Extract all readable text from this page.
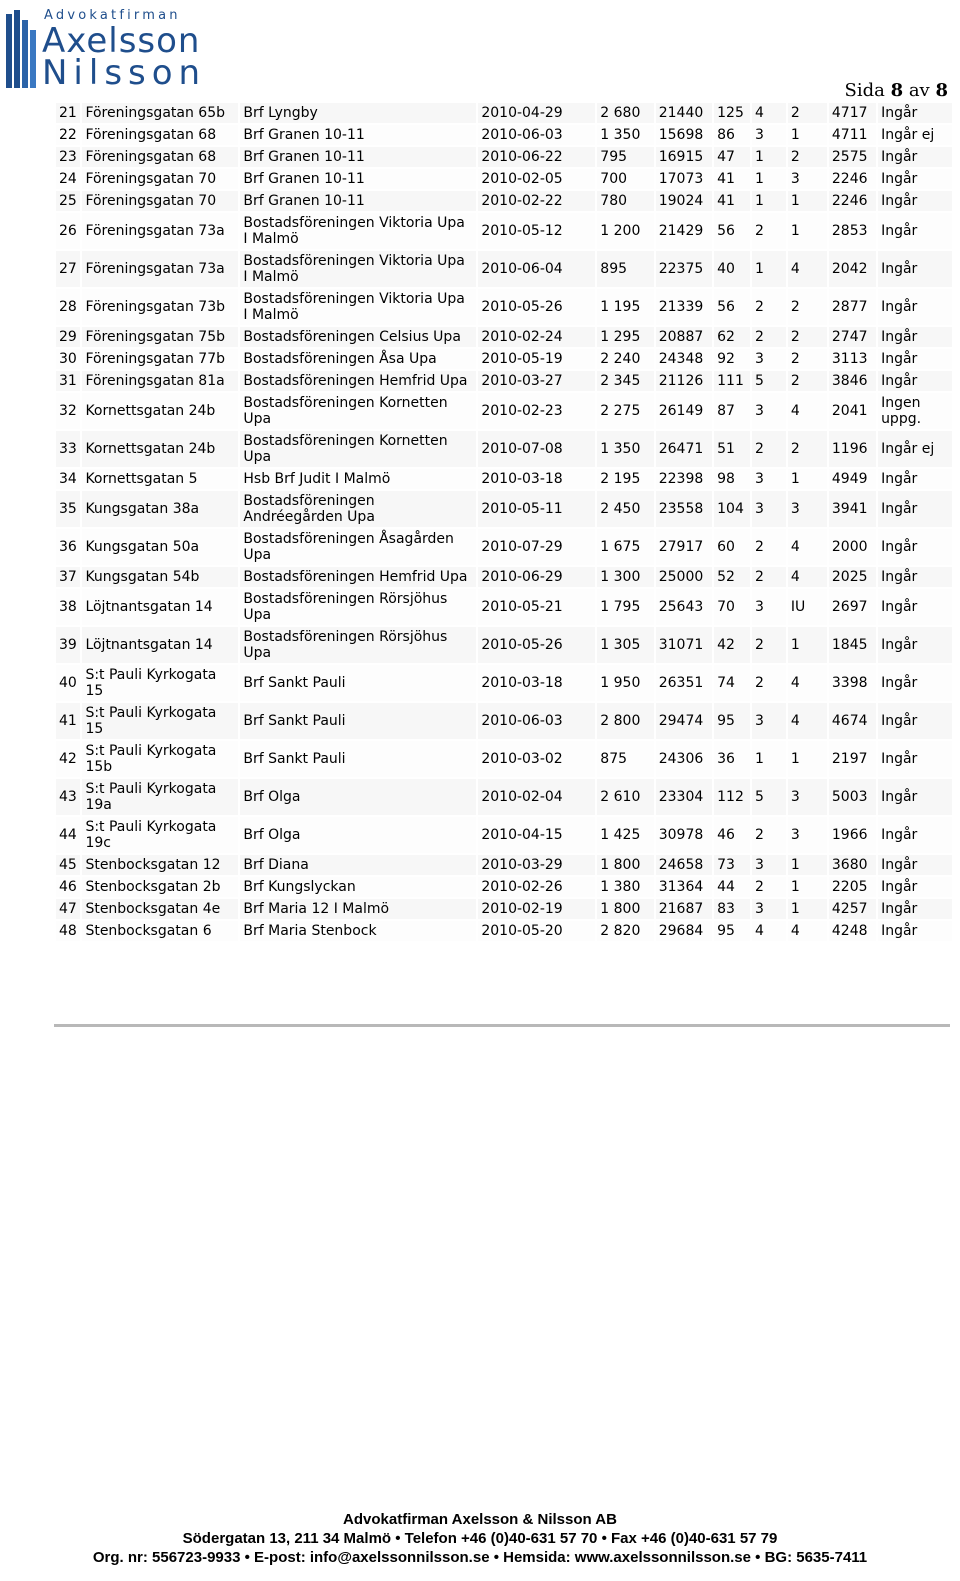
Advokatfirman
Axelsson
Nilsson	Sida 8 av 8
21	Föreningsgatan 65b	Brf Lyngby	2010-04-29	2 680	21440	125	4	2	4717	Ingår
22	Föreningsgatan 68	Brf Granen 10-11	2010-06-03	1 350	15698	86	3	1	4711	Ingår ej
23	Föreningsgatan 68	Brf Granen 10-11	2010-06-22	795	16915	47	1	2	2575	Ingår
24	Föreningsgatan 70	Brf Granen 10-11	2010-02-05	700	17073	41	1	3	2246	Ingår
25	Föreningsgatan 70	Brf Granen 10-11	2010-02-22	780	19024	41	1	1	2246	Ingår
26	Föreningsgatan 73a	Bostadsföreningen Viktoria Upa I Malmö	2010-05-12	1 200	21429	56	2	1	2853	Ingår
27	Föreningsgatan 73a	Bostadsföreningen Viktoria Upa I Malmö	2010-06-04	895	22375	40	1	4	2042	Ingår
28	Föreningsgatan 73b	Bostadsföreningen Viktoria Upa I Malmö	2010-05-26	1 195	21339	56	2	2	2877	Ingår
29	Föreningsgatan 75b	Bostadsföreningen Celsius Upa	2010-02-24	1 295	20887	62	2	2	2747	Ingår
30	Föreningsgatan 77b	Bostadsföreningen Åsa Upa	2010-05-19	2 240	24348	92	3	2	3113	Ingår
31	Föreningsgatan 81a	Bostadsföreningen Hemfrid Upa	2010-03-27	2 345	21126	111	5	2	3846	Ingår
32	Kornettsgatan 24b	Bostadsföreningen Kornetten Upa	2010-02-23	2 275	26149	87	3	4	2041	Ingen uppg.
33	Kornettsgatan 24b	Bostadsföreningen Kornetten Upa	2010-07-08	1 350	26471	51	2	2	1196	Ingår ej
34	Kornettsgatan 5	Hsb Brf Judit I Malmö	2010-03-18	2 195	22398	98	3	1	4949	Ingår
35	Kungsgatan 38a	Bostadsföreningen Andréegården Upa	2010-05-11	2 450	23558	104	3	3	3941	Ingår
36	Kungsgatan 50a	Bostadsföreningen Åsagården Upa	2010-07-29	1 675	27917	60	2	4	2000	Ingår
37	Kungsgatan 54b	Bostadsföreningen Hemfrid Upa	2010-06-29	1 300	25000	52	2	4	2025	Ingår
38	Löjtnantsgatan 14	Bostadsföreningen Rörsjöhus Upa	2010-05-21	1 795	25643	70	3	IU	2697	Ingår
39	Löjtnantsgatan 14	Bostadsföreningen Rörsjöhus Upa	2010-05-26	1 305	31071	42	2	1	1845	Ingår
40	S:t Pauli Kyrkogata 15	Brf Sankt Pauli	2010-03-18	1 950	26351	74	2	4	3398	Ingår
41	S:t Pauli Kyrkogata 15	Brf Sankt Pauli	2010-06-03	2 800	29474	95	3	4	4674	Ingår
42	S:t Pauli Kyrkogata 15b	Brf Sankt Pauli	2010-03-02	875	24306	36	1	1	2197	Ingår
43	S:t Pauli Kyrkogata 19a	Brf Olga	2010-02-04	2 610	23304	112	5	3	5003	Ingår
44	S:t Pauli Kyrkogata 19c	Brf Olga	2010-04-15	1 425	30978	46	2	3	1966	Ingår
45	Stenbocksgatan 12	Brf Diana	2010-03-29	1 800	24658	73	3	1	3680	Ingår
46	Stenbocksgatan 2b	Brf Kungslyckan	2010-02-26	1 380	31364	44	2	1	2205	Ingår
47	Stenbocksgatan 4e	Brf Maria 12 I Malmö	2010-02-19	1 800	21687	83	3	1	4257	Ingår
48	Stenbocksgatan 6	Brf Maria Stenbock	2010-05-20	2 820	29684	95	4	4	4248	Ingår
Advokatfirman Axelsson & Nilsson AB
Södergatan 13, 211 34 Malmö • Telefon +46 (0)40-631 57 70 • Fax +46 (0)40-631 57 79
Org. nr: 556723-9933 • E-post: info@axelssonnilsson.se • Hemsida: www.axelssonnilsson.se • BG: 5635-7411
